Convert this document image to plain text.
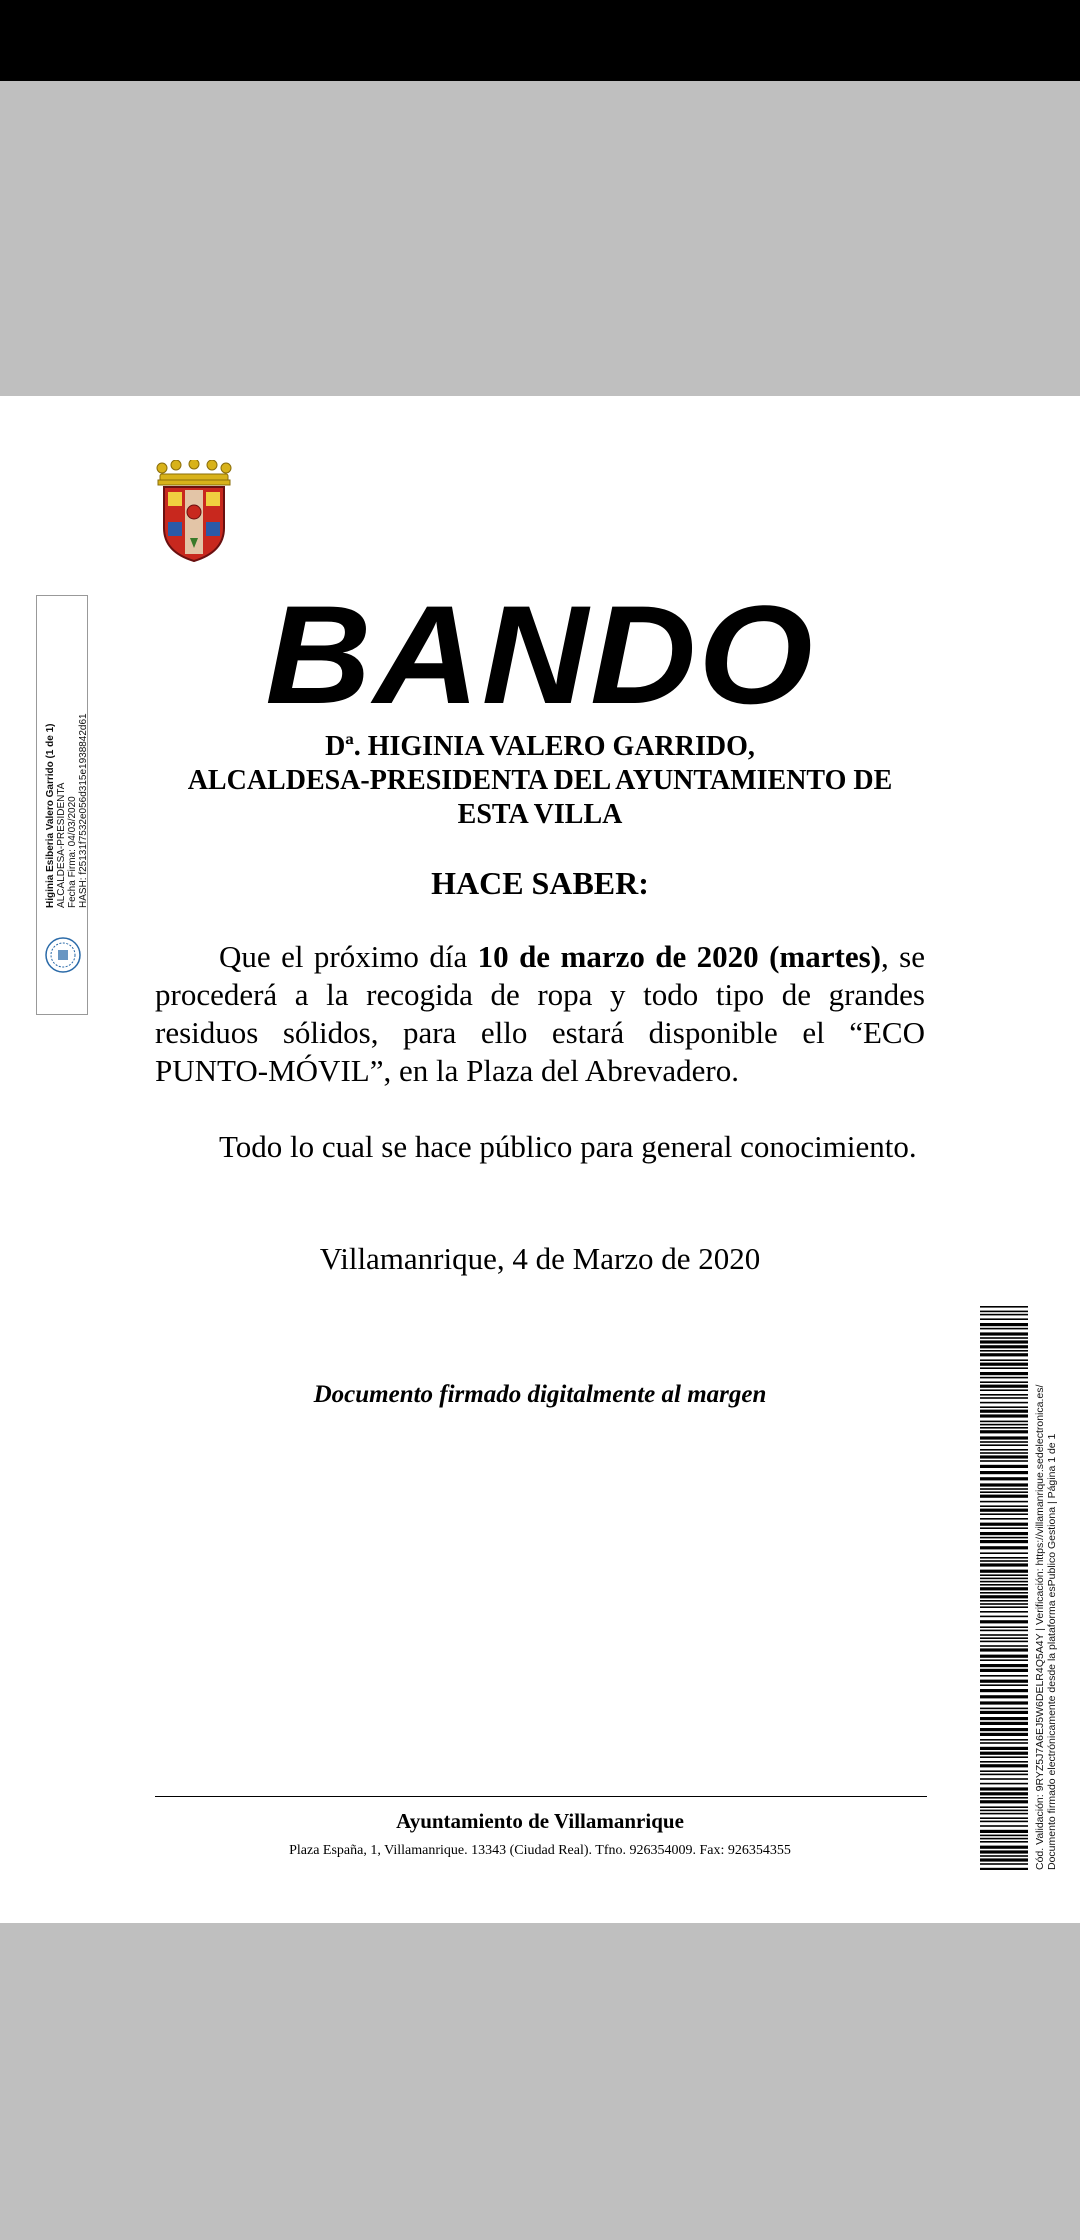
Higinia Esiberia Valero Garrido (1 de 1) ALCALDESA-PRESIDENTA Fecha Firma: 04/03/2020 HASH: f25131f7532e056d315e1938842d61
BANDO
Dª. HIGINIA VALERO GARRIDO,
ALCALDESA-PRESIDENTA DEL AYUNTAMIENTO DE ESTA VILLA
HACE SABER:
Que el próximo día 10 de marzo de 2020 (martes), se procederá a la recogida de ropa y todo tipo de grandes residuos sólidos, para ello estará disponible el “ECO PUNTO-MÓVIL”, en la Plaza del Abrevadero.
Todo lo cual se hace público para general conocimiento.
Villamanrique, 4 de Marzo de 2020
Documento firmado digitalmente al margen
Ayuntamiento de Villamanrique
Plaza España, 1, Villamanrique. 13343 (Ciudad Real). Tfno. 926354009. Fax: 926354355	Cód. Validación: 9RYZ5J7A6EJ5W6DELR4Q5A4Y | Verificación: https://villamanrique.sedelectronica.es/ Documento firmado electrónicamente desde la plataforma esPublico Gestiona | Página 1 de 1
